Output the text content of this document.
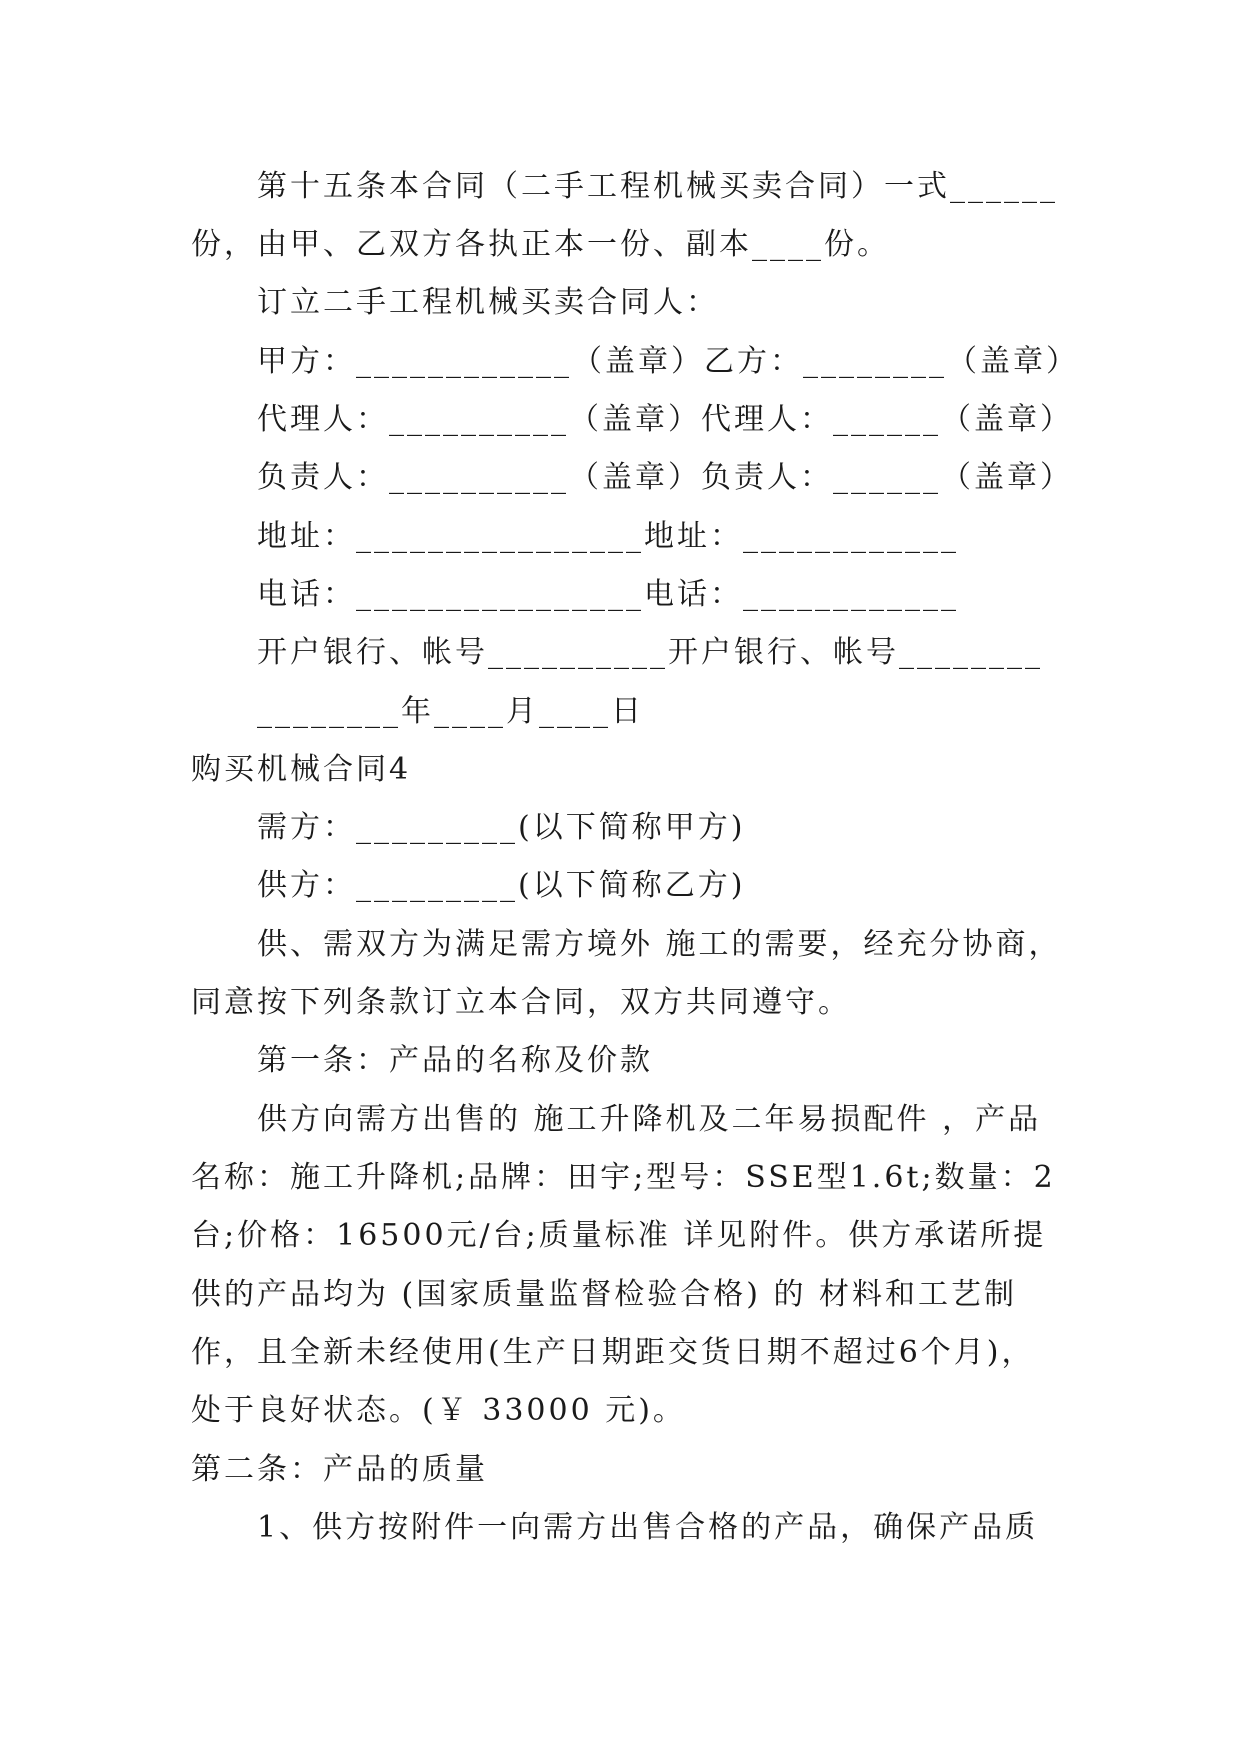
第十五条本合同（二手工程机械买卖合同）一式______
份，由甲、乙双方各执正本一份、副本____份。
订立二手工程机械买卖合同人：
甲方：____________（盖章）乙方：________（盖章）
代理人：__________（盖章）代理人：______（盖章）
负责人：__________（盖章）负责人：______（盖章）
地址：________________地址：____________
电话：________________电话：____________
开户银行、帐号__________开户银行、帐号________
________年____月____日
购买机械合同4
需方：_________(以下简称甲方)
供方：_________(以下简称乙方)
供、需双方为满足需方境外 施工的需要，经充分协商，
同意按下列条款订立本合同，双方共同遵守。
第一条：产品的名称及价款
供方向需方出售的 施工升降机及二年易损配件 ，产品
名称：施工升降机;品牌：田宇;型号：SSE型1.6t;数量：2
台;价格：16500元/台;质量标准 详见附件。供方承诺所提
供的产品均为 (国家质量监督检验合格) 的 材料和工艺制
作，且全新未经使用(生产日期距交货日期不超过6个月)，
处于良好状态。(￥ 33000 元)。
第二条：产品的质量
1、供方按附件一向需方出售合格的产品，确保产品质
